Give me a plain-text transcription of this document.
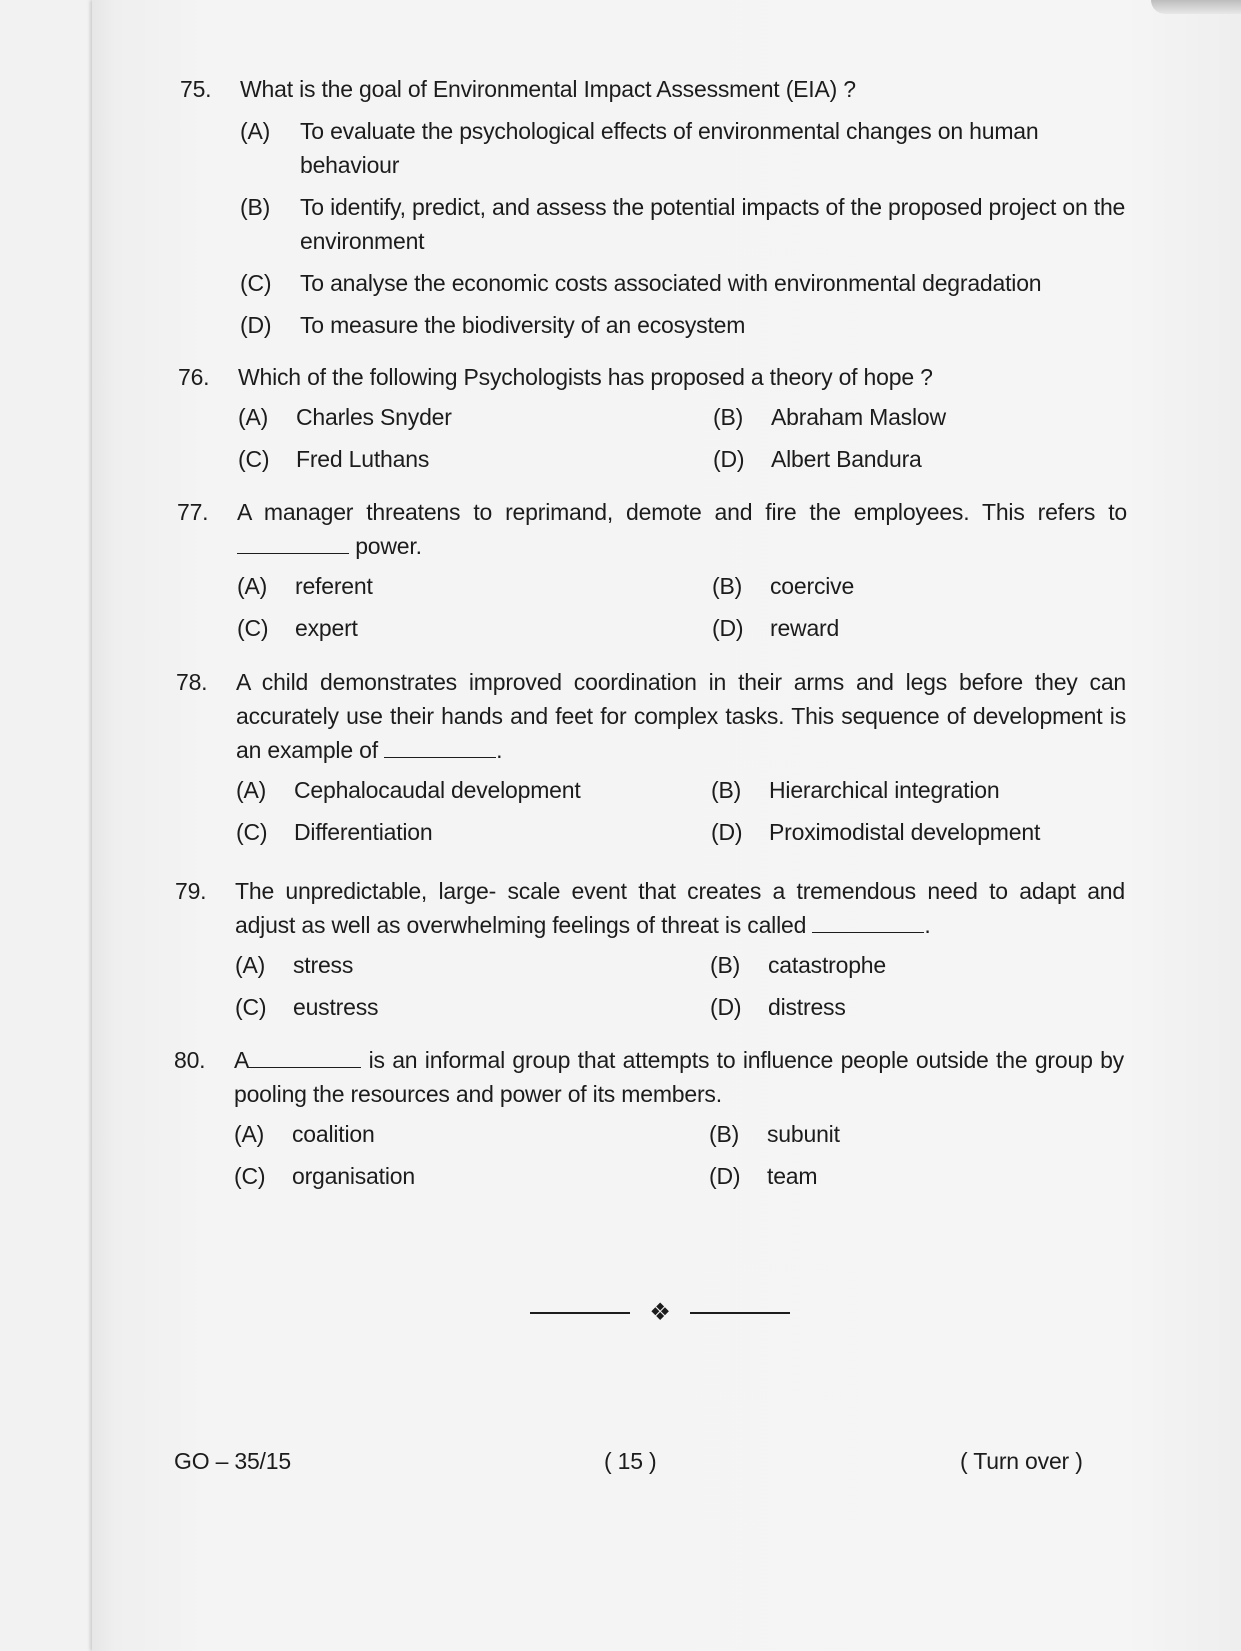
75.	What is the goal of Environmental Impact Assessment (EIA) ?
(A) To evaluate the psychological effects of environmental changes on human behaviour
(B) To identify, predict, and assess the potential impacts of the proposed project on the environment
(C) To analyse the economic costs associated with environmental degradation
(D) To measure the biodiversity of an ecosystem
76.	Which of the following Psychologists has proposed a theory of hope ?
(A) Charles Snyder	(B) Abraham Maslow
(C) Fred Luthans	(D) Albert Bandura
77.	A manager threatens to reprimand, demote and fire the employees. This refers to  power.
(A) referent	(B) coercive
(C) expert	(D) reward
78.	A child demonstrates improved coordination in their arms and legs before they can accurately use their hands and feet for complex tasks. This sequence of development is an example of	.
(A) Cephalocaudal development	(B) Hierarchical integration
(C) Differentiation	(D) Proximodistal development
79.	The unpredictable, large- scale event that creates a tremendous need to adapt and adjust as well as overwhelming feelings of threat is called	.
(A) stress	(B) catastrophe
(C) eustress	(D) distress
80.	A	is an informal group that attempts to influence people outside the group by pooling the resources and power of its members.
(A) coalition	(B) subunit
(C) organisation	(D) team
❖
GO – 35/15	( 15 )	( Turn over )
